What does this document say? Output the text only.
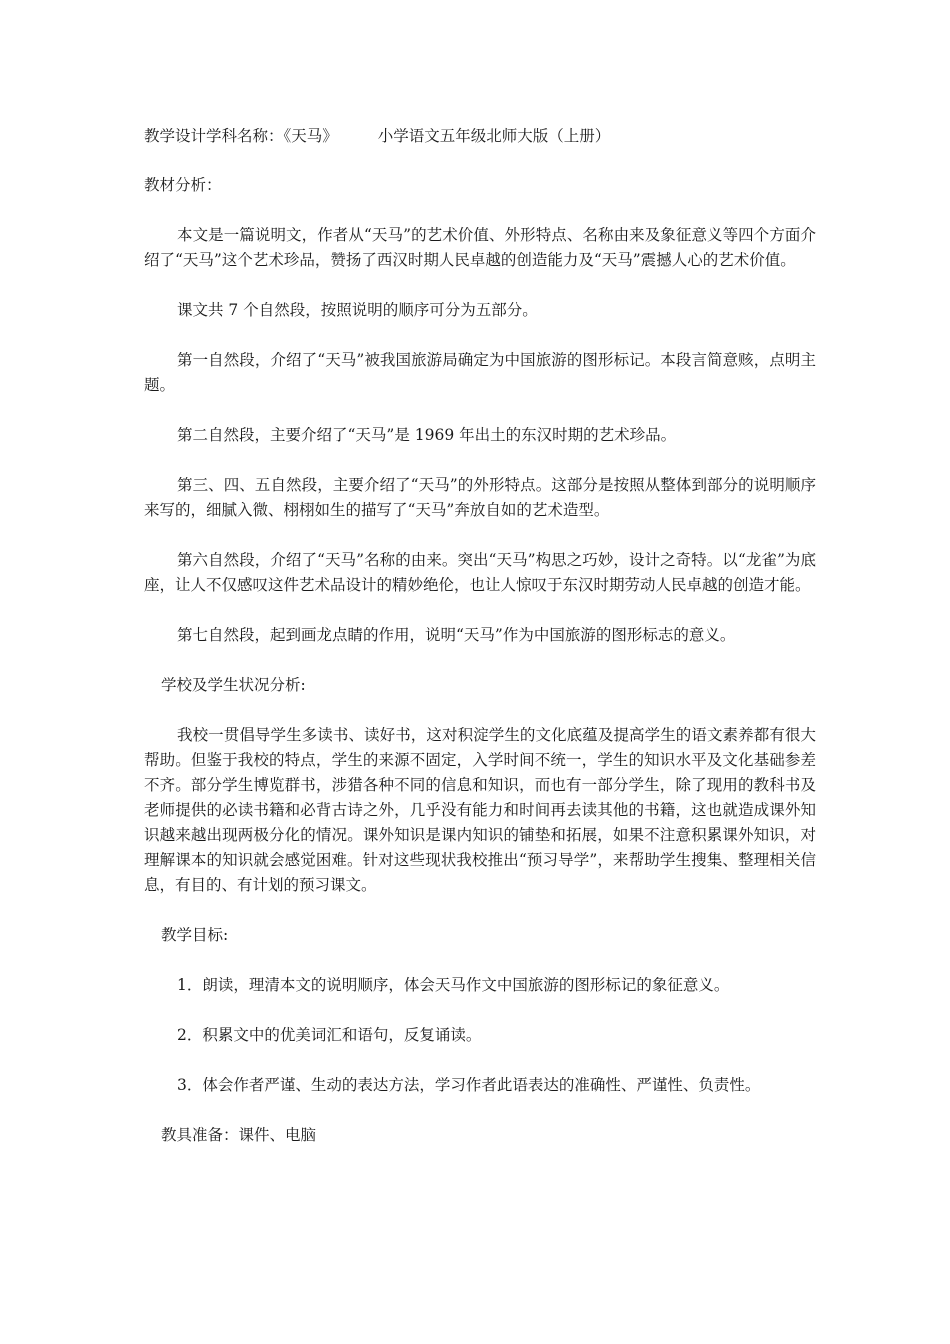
教学设计学科名称：《天马》	小学语文五年级北师大版（上册）

教材分析：

本文是一篇说明文，作者从“天马”的艺术价值、外形特点、名称由来及象征意义等四个方面介绍了“天马”这个艺术珍品，赞扬了西汉时期人民卓越的创造能力及“天马”震撼人心的艺术价值。

课文共 7 个自然段，按照说明的顺序可分为五部分。

第一自然段，介绍了“天马”被我国旅游局确定为中国旅游的图形标记。本段言简意赅，点明主题。

第二自然段，主要介绍了“天马”是 1969 年出土的东汉时期的艺术珍品。

第三、四、五自然段，主要介绍了“天马”的外形特点。这部分是按照从整体到部分的说明顺序来写的，细腻入微、栩栩如生的描写了“天马”奔放自如的艺术造型。

第六自然段，介绍了“天马”名称的由来。突出“天马”构思之巧妙，设计之奇特。以“龙雀”为底座，让人不仅感叹这件艺术品设计的精妙绝伦，也让人惊叹于东汉时期劳动人民卓越的创造才能。

第七自然段，起到画龙点睛的作用，说明“天马”作为中国旅游的图形标志的意义。

学校及学生状况分析:

我校一贯倡导学生多读书、读好书，这对积淀学生的文化底蕴及提高学生的语文素养都有很大帮助。但鉴于我校的特点，学生的来源不固定，入学时间不统一，学生的知识水平及文化基础参差不齐。部分学生博览群书，涉猎各种不同的信息和知识，而也有一部分学生，除了现用的教科书及老师提供的必读书籍和必背古诗之外，几乎没有能力和时间再去读其他的书籍，这也就造成课外知识越来越出现两极分化的情况。课外知识是课内知识的铺垫和拓展，如果不注意积累课外知识，对理解课本的知识就会感觉困难。针对这些现状我校推出“预习导学”，来帮助学生搜集、整理相关信息，有目的、有计划的预习课文。

教学目标:

1．朗读，理清本文的说明顺序，体会天马作文中国旅游的图形标记的象征意义。

2．积累文中的优美词汇和语句，反复诵读。

3．体会作者严谨、生动的表达方法，学习作者此语表达的准确性、严谨性、负责性。

教具准备：课件、电脑
